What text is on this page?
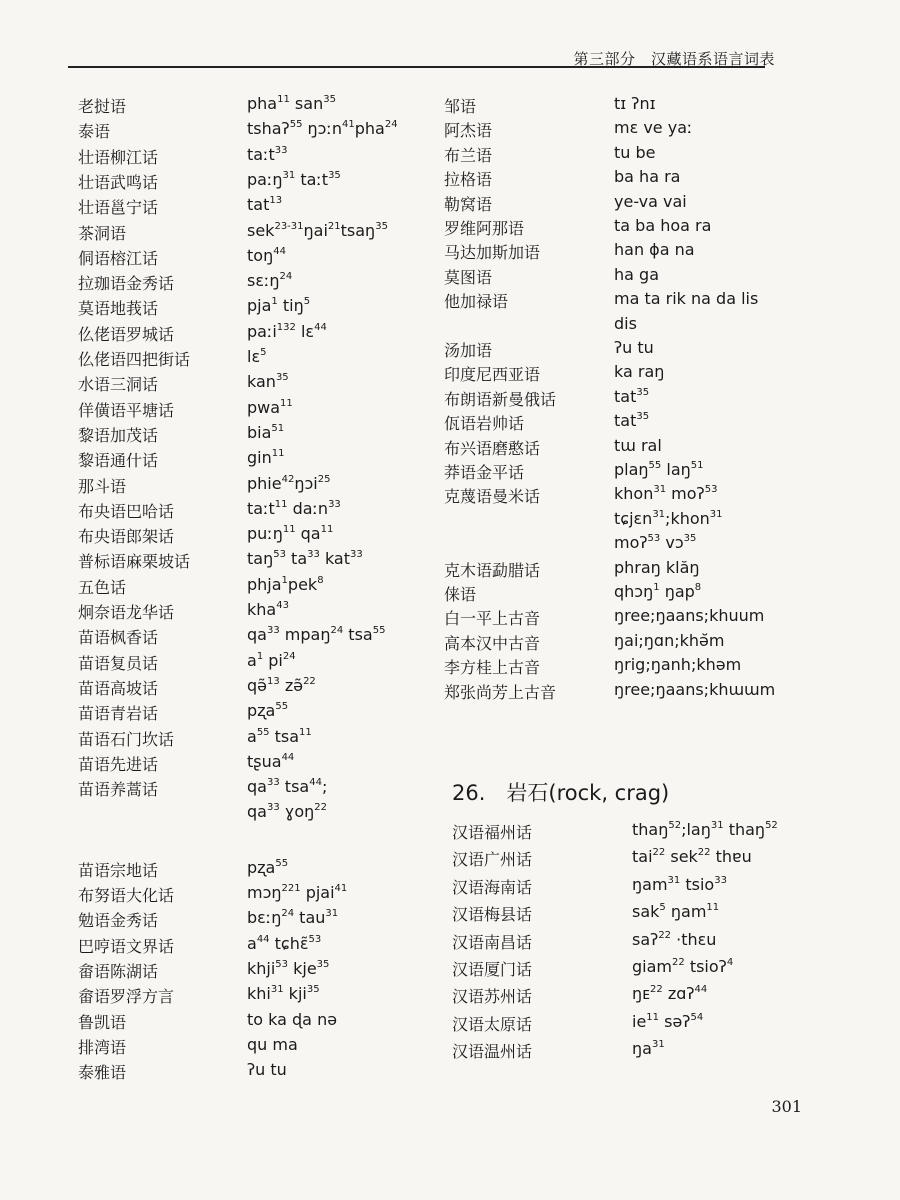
第三部分　汉藏语系语言词表
老挝语	pha$^{11}$ san$^{35}$
泰语	tshaʔ$^{55}$ ŋɔːn$^{41}$pha$^{24}$
壮语柳江话	taːt$^{33}$
壮语武鸣话	paːŋ$^{31}$ taːt$^{35}$
壮语邕宁话	tat$^{13}$
茶洞语	sek$^{23-31}$ŋai$^{21}$tsaŋ$^{35}$
侗语榕江话	toŋ$^{44}$
拉珈语金秀话	sɛːŋ$^{24}$
莫语地莪话	pja$^1$ tiŋ$^5$
仫佬语罗城话	paːi$^{132}$ lɛ$^{44}$
仫佬语四把街话	lɛ$^5$
水语三洞话	kan$^{35}$
佯僙语平塘话	pwa$^{11}$
黎语加茂话	bia$^{51}$
黎语通什话	gin$^{11}$
那斗语	phie$^{42}$ŋɔi$^{25}$
布央语巴哈话	taːt$^{11}$ daːn$^{33}$
布央语郎架话	puːŋ$^{11}$ $qa^{11}$
普标语麻栗坡话	taŋ$^{53}$ $ta^{33}$ kat$^{33}$
五色话	phja$^1$pek$^8$
炯奈语龙华话	kha$^{43}$
苗语枫香话	$qa^{33}$ mpaŋ$^{24}$ tsa$^{55}$
苗语复员话	$a^1$ $pi^{24}$
苗语高坡话	qə̃$^{13}$ zə̃$^{22}$
苗语青岩话	pʐa$^{55}$
苗语石门坎话	$a^{55}$ tsa$^{11}$
苗语先进话	tʂua$^{44}$
苗语养蒿话	$qa^{33}$ tsa$^{44}$;
$qa^{33}$ ɣoŋ$^{22}$
苗语宗地话	pʐa$^{55}$
布努语大化话	mɔŋ$^{221}$ pjai$^{41}$
勉语金秀话	bɛːŋ$^{24}$ tau$^{31}$
巴哼语文界话	$a^{44}$ tɕhɛ̃$^{53}$
畲语陈湖话	khji$^{53}$ kje$^{35}$
畲语罗浮方言	khi$^{31}$ kji$^{35}$
鲁凯语	to ka ɖa nə
排湾语	qu ma
泰雅语	ʔu tu
邹语	tɪ ʔnɪ
阿杰语	mɛ ve yaː
布兰语	tu be
拉格语	ba ha ra
勒窝语	ye-va vai
罗维阿那语	ta ba hoa ra
马达加斯加语	han ɸa na
莫图语	ha ga
他加禄语	ma ta rik na da lis
dis
汤加语	ʔu tu
印度尼西亚语	ka raŋ
布朗语新曼俄话	tat$^{35}$
佤语岩帅话	tat$^{35}$
布兴语磨憨话	tɯ ral
莽语金平话	plaŋ$^{55}$ laŋ$^{51}$
克蔑语曼米话	khon$^{31}$ moʔ$^{53}$
tɕjɛn$^{31}$;khon$^{31}$
moʔ$^{53}$ vɔ$^{35}$
克木语勐腊话	phraŋ klăŋ
俫语	qhɔŋ$^1$ ŋap$^8$
白一平上古音	ŋree;ŋaans;khuum
高本汉中古音	ŋai;ŋɑn;khǝ̆m
李方桂上古音	ŋrig;ŋanh;khəm
郑张尚芳上古音	ŋree;ŋaans;khɯɯm
26.　岩石(rock, crag)
汉语福州话	thaŋ$^{52}$;laŋ$^{31}$ thaŋ$^{52}$
汉语广州话	tai$^{22}$ sek$^{22}$ thɐu
汉语海南话	ŋam$^{31}$ tsio$^{33}$
汉语梅县话	sak$^5$ ŋam$^{11}$
汉语南昌话	saʔ$^{22}$ ·thɛu
汉语厦门话	giam$^{22}$ tsioʔ$^4$
汉语苏州话	ŋᴇ$^{22}$ zɑʔ$^{44}$
汉语太原话	$ie^{11}$ səʔ$^{54}$
汉语温州话	$ŋa^{31}$
301
